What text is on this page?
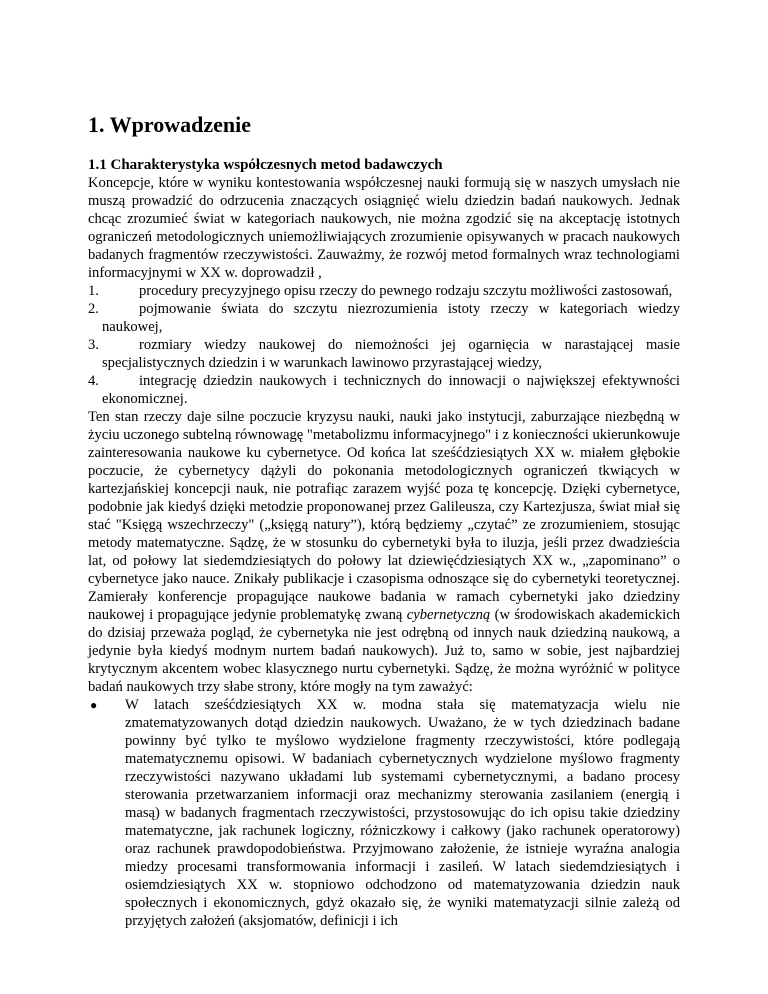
1. Wprowadzenie
1.1 Charakterystyka współczesnych metod badawczych

Koncepcje, które w wyniku kontestowania współczesnej nauki formują się w naszych umysłach nie muszą prowadzić do odrzucenia znaczących osiągnięć wielu dziedzin badań naukowych. Jednak chcąc zrozumieć świat w kategoriach naukowych, nie można zgodzić się na akceptację istotnych ograniczeń metodologicznych uniemożliwiających zrozumienie opisywanych w pracach naukowych badanych fragmentów rzeczywistości. Zauważmy, że rozwój metod formalnych wraz technologiami informacyjnymi w XX w. doprowadził ,

1.	procedury precyzyjnego opisu rzeczy do pewnego rodzaju szczytu możliwości zastosowań,
2.	pojmowanie świata do szczytu niezrozumienia istoty rzeczy w kategoriach wiedzy naukowej,
3.	rozmiary wiedzy naukowej do niemożności jej ogarnięcia w narastającej masie specjalistycznych dziedzin i w warunkach lawinowo przyrastającej wiedzy,
4.	integrację dziedzin naukowych i technicznych do innowacji o największej efektywności ekonomicznej.

Ten stan rzeczy daje silne poczucie kryzysu nauki, nauki jako instytucji, zaburzające niezbędną w życiu uczonego subtelną równowagę "metabolizmu informacyjnego" i z konieczności ukierunkowuje zainteresowania naukowe ku cybernetyce. Od końca lat sześćdziesiątych XX w. miałem głębokie poczucie, że cybernetycy dążyli do pokonania metodologicznych ograniczeń tkwiących w kartezjańskiej koncepcji nauk, nie potrafiąc zarazem wyjść poza tę koncepcję. Dzięki cybernetyce, podobnie jak kiedyś dzięki metodzie proponowanej przez Galileusza, czy Kartezjusza, świat miał się stać "Księgą wszechrzeczy" („księgą natury”), którą będziemy „czytać” ze zrozumieniem, stosując metody matematyczne. Sądzę, że w stosunku do cybernetyki była to iluzja, jeśli przez dwadzieścia lat, od połowy lat siedemdziesiątych do połowy lat dziewięćdziesiątych XX w., „zapominano” o cybernetyce jako nauce. Znikały publikacje i czasopisma odnoszące się do cybernetyki teoretycznej. Zamierały konferencje propagujące naukowe badania w ramach cybernetyki jako dziedziny naukowej i propagujące jedynie problematykę zwaną cybernetyczną (w środowiskach akademickich do dzisiaj przeważa pogląd, że cybernetyka nie jest odrębną od innych nauk dziedziną naukową, a jedynie była kiedyś modnym nurtem badań naukowych). Już to, samo w sobie, jest najbardziej krytycznym akcentem wobec klasycznego nurtu cybernetyki. Sądzę, że można wyróżnić w polityce badań naukowych trzy słabe strony, które mogły na tym zaważyć:

● W latach sześćdziesiątych XX w. modna stała się matematyzacja wielu nie zmatematyzowanych dotąd dziedzin naukowych. Uważano, że w tych dziedzinach badane powinny być tylko te myślowo wydzielone fragmenty rzeczywistości, które podlegają matematycznemu opisowi. W badaniach cybernetycznych wydzielone myślowo fragmenty rzeczywistości nazywano układami lub systemami cybernetycznymi, a badano procesy sterowania przetwarzaniem informacji oraz mechanizmy sterowania zasilaniem (energią i masą) w badanych fragmentach rzeczywistości, przystosowując do ich opisu takie dziedziny matematyczne, jak rachunek logiczny, różniczkowy i całkowy (jako rachunek operatorowy) oraz rachunek prawdopodobieństwa. Przyjmowano założenie, że istnieje wyraźna analogia miedzy procesami transformowania informacji i zasileń. W latach siedemdziesiątych i osiemdziesiątych XX w. stopniowo odchodzono od matematyzowania dziedzin nauk społecznych i ekonomicznych, gdyż okazało się, że wyniki matematyzacji silnie zależą od przyjętych założeń (aksjomatów, definicji i ich
